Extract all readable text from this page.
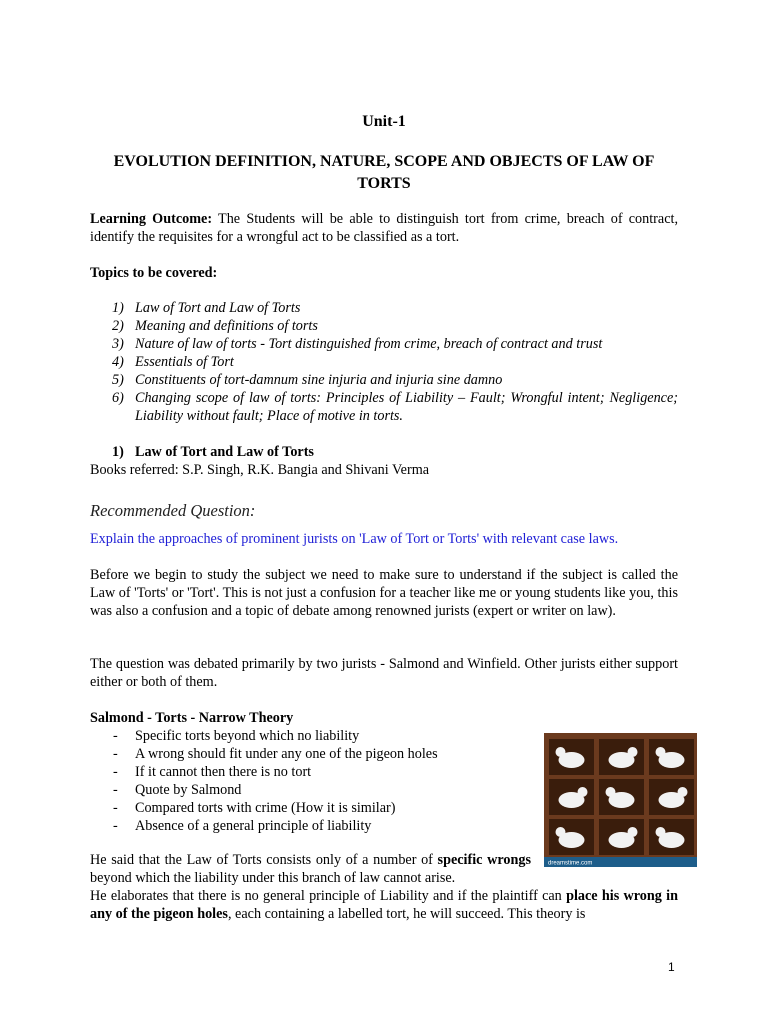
Unit-1
EVOLUTION DEFINITION, NATURE, SCOPE AND OBJECTS OF LAW OF TORTS
Learning Outcome: The Students will be able to distinguish tort from crime, breach of contract, identify the requisites for a wrongful act to be classified as a tort.
Topics to be covered:
1) Law of Tort and Law of Torts
2) Meaning and definitions of torts
3) Nature of law of torts - Tort distinguished from crime, breach of contract and trust
4) Essentials of Tort
5) Constituents of tort-damnum sine injuria and injuria sine damno
6) Changing scope of law of torts: Principles of Liability – Fault; Wrongful intent; Negligence; Liability without fault; Place of motive in torts.
1) Law of Tort and Law of Torts
Books referred: S.P. Singh, R.K. Bangia and Shivani Verma
Recommended Question:
Explain the approaches of prominent jurists on 'Law of Tort or Torts' with relevant case laws.
Before we begin to study the subject we need to make sure to understand if the subject is called the Law of 'Torts' or 'Tort'. This is not just a confusion for a teacher like me or young students like you, this was also a confusion and a topic of debate among renowned jurists (expert or writer on law).
The question was debated primarily by two jurists - Salmond and Winfield. Other jurists either support either or both of them.
Salmond - Torts - Narrow Theory
- Specific torts beyond which no liability
- A wrong should fit under any one of the pigeon holes
- If it cannot then there is no tort
- Quote by Salmond
- Compared torts with crime (How it is similar)
- Absence of a general principle of liability
dreamstime.com
He said that the Law of Torts consists only of a number of specific wrongs beyond which the liability under this branch of law cannot arise.
He elaborates that there is no general principle of Liability and if the plaintiff can place his wrong in any of the pigeon holes, each containing a labelled tort, he will succeed. This theory is
1
